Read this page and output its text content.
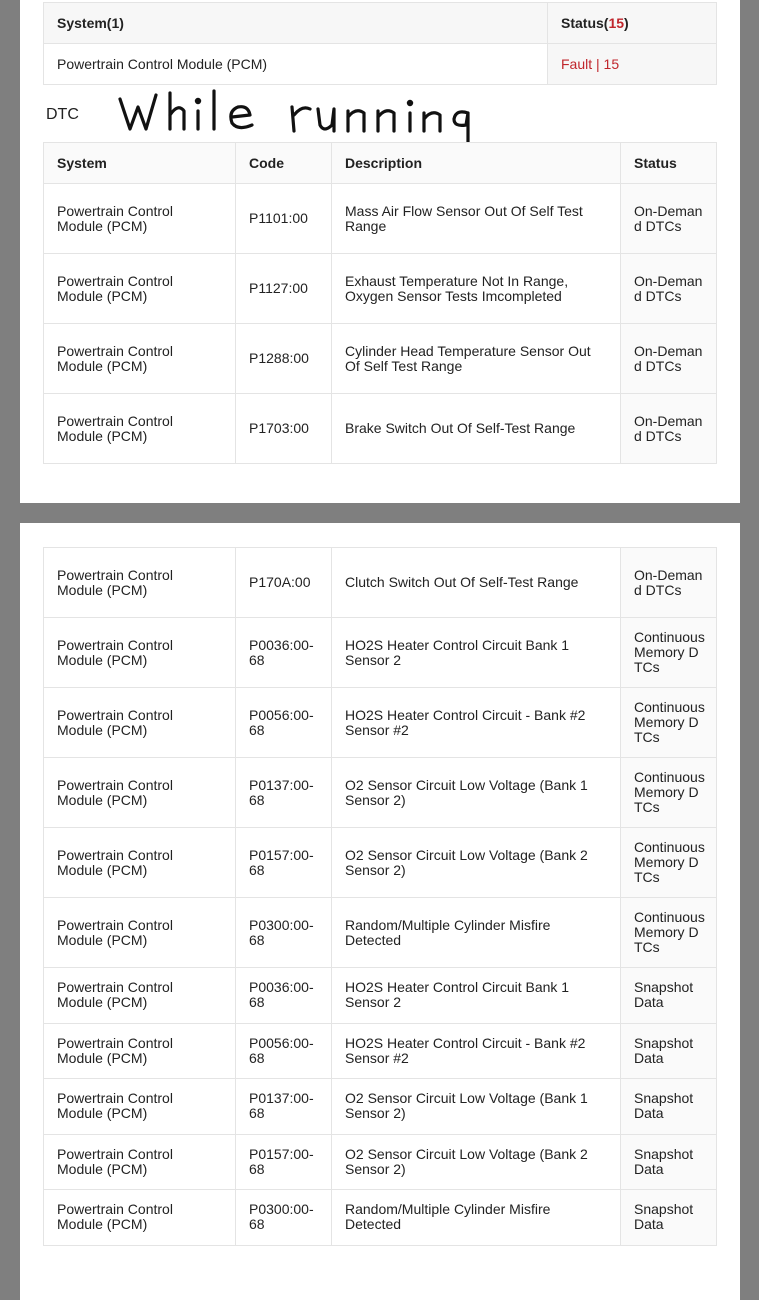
System(1)	Status(15)
Powertrain Control Module (PCM)	Fault | 15
DTC
System	Code	Description	Status
Powertrain Control Module (PCM)	P1101:00	Mass Air Flow Sensor Out Of Self Test Range	On-Demand DTCs
Powertrain Control Module (PCM)	P1127:00	Exhaust Temperature Not In Range, Oxygen Sensor Tests Imcompleted	On-Demand DTCs
Powertrain Control Module (PCM)	P1288:00	Cylinder Head Temperature Sensor Out Of Self Test Range	On-Demand DTCs
Powertrain Control Module (PCM)	P1703:00	Brake Switch Out Of Self-Test Range	On-Demand DTCs
Powertrain Control Module (PCM)	P170A:00	Clutch Switch Out Of Self-Test Range	On-Demand DTCs
Powertrain Control Module (PCM)	P0036:00-68	HO2S Heater Control Circuit Bank 1 Sensor 2	Continuous Memory DTCs
Powertrain Control Module (PCM)	P0056:00-68	HO2S Heater Control Circuit - Bank #2 Sensor #2	Continuous Memory DTCs
Powertrain Control Module (PCM)	P0137:00-68	O2 Sensor Circuit Low Voltage (Bank 1 Sensor 2)	Continuous Memory DTCs
Powertrain Control Module (PCM)	P0157:00-68	O2 Sensor Circuit Low Voltage (Bank 2 Sensor 2)	Continuous Memory DTCs
Powertrain Control Module (PCM)	P0300:00-68	Random/Multiple Cylinder Misfire Detected	Continuous Memory DTCs
Powertrain Control Module (PCM)	P0036:00-68	HO2S Heater Control Circuit Bank 1 Sensor 2	Snapshot Data
Powertrain Control Module (PCM)	P0056:00-68	HO2S Heater Control Circuit - Bank #2 Sensor #2	Snapshot Data
Powertrain Control Module (PCM)	P0137:00-68	O2 Sensor Circuit Low Voltage (Bank 1 Sensor 2)	Snapshot Data
Powertrain Control Module (PCM)	P0157:00-68	O2 Sensor Circuit Low Voltage (Bank 2 Sensor 2)	Snapshot Data
Powertrain Control Module (PCM)	P0300:00-68	Random/Multiple Cylinder Misfire Detected	Snapshot Data
